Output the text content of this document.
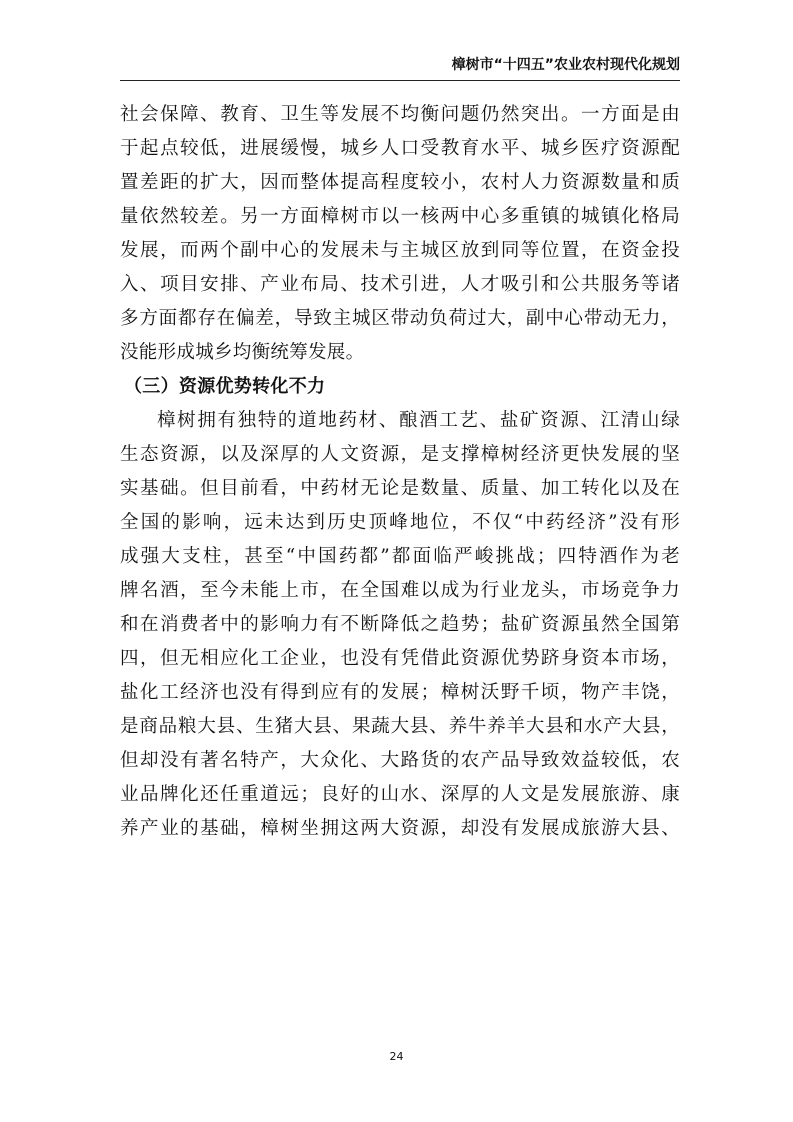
樟树市“十四五”农业农村现代化规划
社会保障、教育、卫生等发展不均衡问题仍然突出。一方面是由
于起点较低，进展缓慢，城乡人口受教育水平、城乡医疗资源配
置差距的扩大，因而整体提高程度较小，农村人力资源数量和质
量依然较差。另一方面樟树市以一核两中心多重镇的城镇化格局
发展，而两个副中心的发展未与主城区放到同等位置，在资金投
入、项目安排、产业布局、技术引进，人才吸引和公共服务等诸
多方面都存在偏差，导致主城区带动负荷过大，副中心带动无力，
没能形成城乡均衡统筹发展。
（三）资源优势转化不力
樟树拥有独特的道地药材、酿酒工艺、盐矿资源、江清山绿
生态资源，以及深厚的人文资源，是支撑樟树经济更快发展的坚
实基础。但目前看，中药材无论是数量、质量、加工转化以及在
全国的影响，远未达到历史顶峰地位，不仅“中药经济”没有形
成强大支柱，甚至“中国药都”都面临严峻挑战；四特酒作为老
牌名酒，至今未能上市，在全国难以成为行业龙头，市场竞争力
和在消费者中的影响力有不断降低之趋势；盐矿资源虽然全国第
四，但无相应化工企业，也没有凭借此资源优势跻身资本市场，
盐化工经济也没有得到应有的发展；樟树沃野千顷，物产丰饶，
是商品粮大县、生猪大县、果蔬大县、养牛养羊大县和水产大县，
但却没有著名特产，大众化、大路货的农产品导致效益较低，农
业品牌化还任重道远；良好的山水、深厚的人文是发展旅游、康
养产业的基础，樟树坐拥这两大资源，却没有发展成旅游大县、
24
